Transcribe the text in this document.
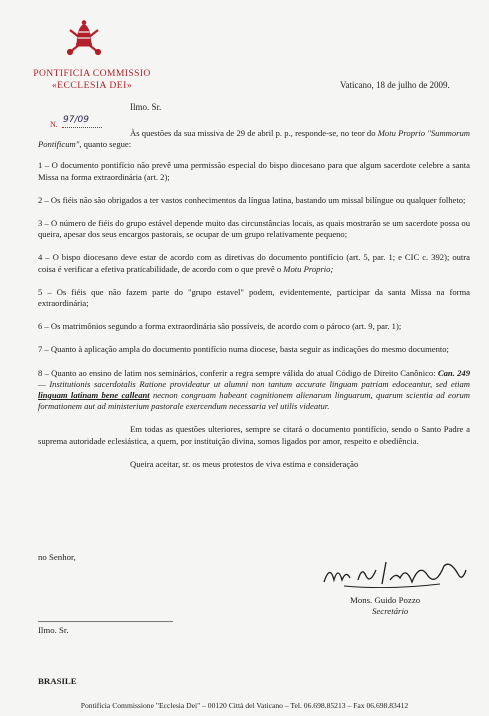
PONTIFICIA COMMISSIO
«ECCLESIA DEI»	Vaticano, 18 de julho de 2009.
Ilmo. Sr.
N. 97/09

Às questões da sua missiva de 29 de abril p. p., responde-se, no teor do Motu Proprio "Summorum Pontificum", quanto segue:

1 – O documento pontifício não prevê uma permissão especial do bispo diocesano para que algum sacerdote celebre a santa Missa na forma extraordinária (art. 2);

2 – Os fiéis não são obrigados a ter vastos conhecimentos da língua latina, bastando um missal bilíngue ou qualquer folheto;

3 – O número de fiéis do grupo estável depende muito das circunstâncias locais, as quais mostrarão se um sacerdote possa ou queira, apesar dos seus encargos pastorais, se ocupar de um grupo relativamente pequeno;

4 – O bispo diocesano deve estar de acordo com as diretivas do documento pontifício (art. 5, par. 1; e CIC c. 392); outra coisa é verificar a efetiva praticabilidade, de acordo com o que prevê o Motu Proprio;

5 – Os fiéis que não fazem parte do "grupo estavel" podem, evidentemente, participar da santa Missa na forma extraordinária;

6 – Os matrimônios segundo a forma extraordinária são possíveis, de acordo com o pároco (art. 9, par. 1);

7 – Quanto à aplicação ampla do documento pontifício numa diocese, basta seguir as indicações do mesmo documento;

8 – Quanto ao ensino de latim nos seminários, conferir a regra sempre válida do atual Código de Direito Canônico: Can. 249 — Institutionis sacerdotalis Ratione provideatur ut alumni non tantum accurate linguam patriam edoceantur, sed etiam linguam latinam bene calleant necnon congruam habeant cognitionem alienarum linguarum, quarum scientia ad eorum formationem aut ad ministerium pastorale exercendum necessaria vel utilis videatur.

Em todas as questões ulteriores, sempre se citará o documento pontifício, sendo o Santo Padre a suprema autoridade eclesiástica, a quem, por instituição divina, somos ligados por amor, respeito e obediência.

Queira aceitar, sr. os meus protestos de viva estima e consideração

no Senhor,
Mons. Guido Pozzo
Secretário
Ilmo. Sr.
BRASILE
Pontificia Commissione "Ecclesia Dei" – 00120 Città del Vaticano – Tel. 06.698.85213 – Fax 06.698.83412
